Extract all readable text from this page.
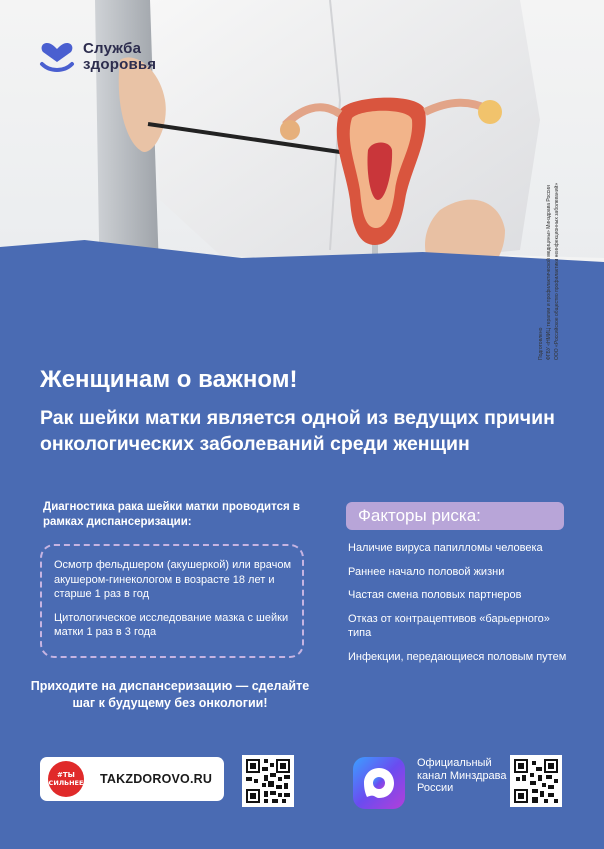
Служба
здоровья
Подготовлено ФГБУ «НМИЦ терапии и профилактической медицины» Минздрава России ООО «Российское общество профилактики неинфекционных заболеваний»
Женщинам о важном!
Рак шейки матки является одной из ведущих причин онкологических заболеваний среди женщин
Диагностика рака шейки матки проводится в рамках диспансеризации:

Осмотр фельдшером (акушеркой) или врачом акушером-гинекологом в возрасте 18 лет и старше 1 раз в год

Цитологическое исследование мазка с шейки матки 1 раз в 3 года

Приходите на диспансеризацию — сделайте шаг к будущему без онкологии!
Факторы риска:
Наличие вируса папилломы человека
Раннее начало половой жизни
Частая смена половых партнеров
Отказ от контрацептивов «барьерного» типа
Инфекции, передающиеся половым путем
#ТЫ
СИЛЬНЕЕ TAKZDOROVO.RU
Официальный канал Минздрава России
